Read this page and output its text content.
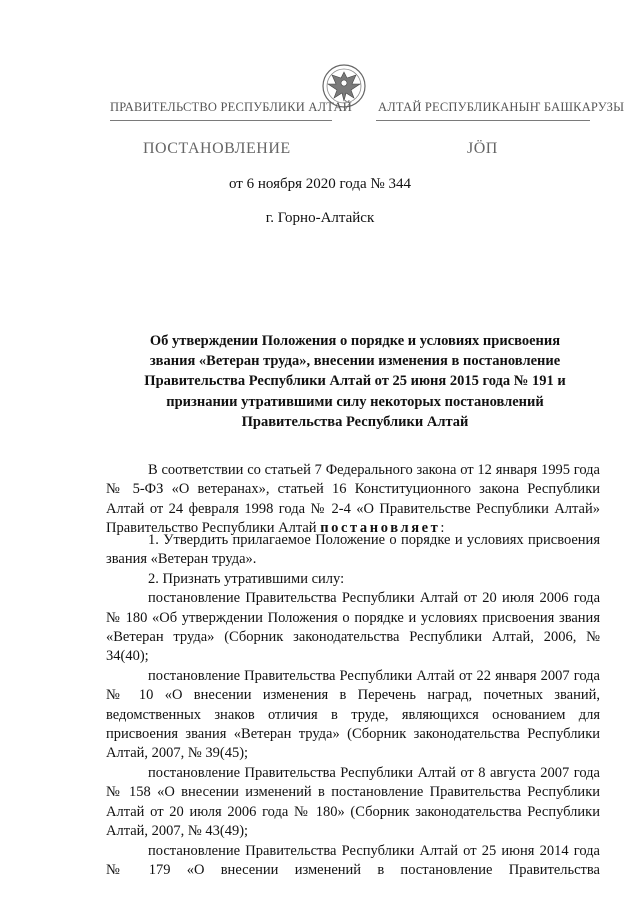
ПРАВИТЕЛЬСТВО РЕСПУБЛИКИ АЛТАЙ АЛТАЙ РЕСПУБЛИКАНЫҤ БАШКАРУЗЫ
ПОСТАНОВЛЕНИЕ	ЈӦП
от 6 ноября 2020 года № 344
г. Горно-Алтайск
Об утверждении Положения о порядке и условиях присвоения
звания «Ветеран труда», внесении изменения в постановление
Правительства Республики Алтай от 25 июня 2015 года № 191 и
признании утратившими силу некоторых постановлений
Правительства Республики Алтай

В соответствии со статьей 7 Федерального закона от 12 января 1995 года № 5-ФЗ «О ветеранах», статьей 16 Конституционного закона Республики Алтай от 24 февраля 1998 года № 2-4 «О Правительстве Республики Алтай» Правительство Республики Алтай постановляет:

1. Утвердить прилагаемое Положение о порядке и условиях присвоения звания «Ветеран труда».

2. Признать утратившими силу:

постановление Правительства Республики Алтай от 20 июля 2006 года № 180 «Об утверждении Положения о порядке и условиях присвоения звания «Ветеран труда» (Сборник законодательства Республики Алтай, 2006, № 34(40);

постановление Правительства Республики Алтай от 22 января 2007 года № 10 «О внесении изменения в Перечень наград, почетных званий, ведомственных знаков отличия в труде, являющихся основанием для присвоения звания «Ветеран труда» (Сборник законодательства Республики Алтай, 2007, № 39(45);

постановление Правительства Республики Алтай от 8 августа 2007 года № 158 «О внесении изменений в постановление Правительства Республики Алтай от 20 июля 2006 года № 180» (Сборник законодательства Республики Алтай, 2007, № 43(49);

постановление Правительства Республики Алтай от 25 июня 2014 года № 179 «О внесении изменений в постановление Правительства
